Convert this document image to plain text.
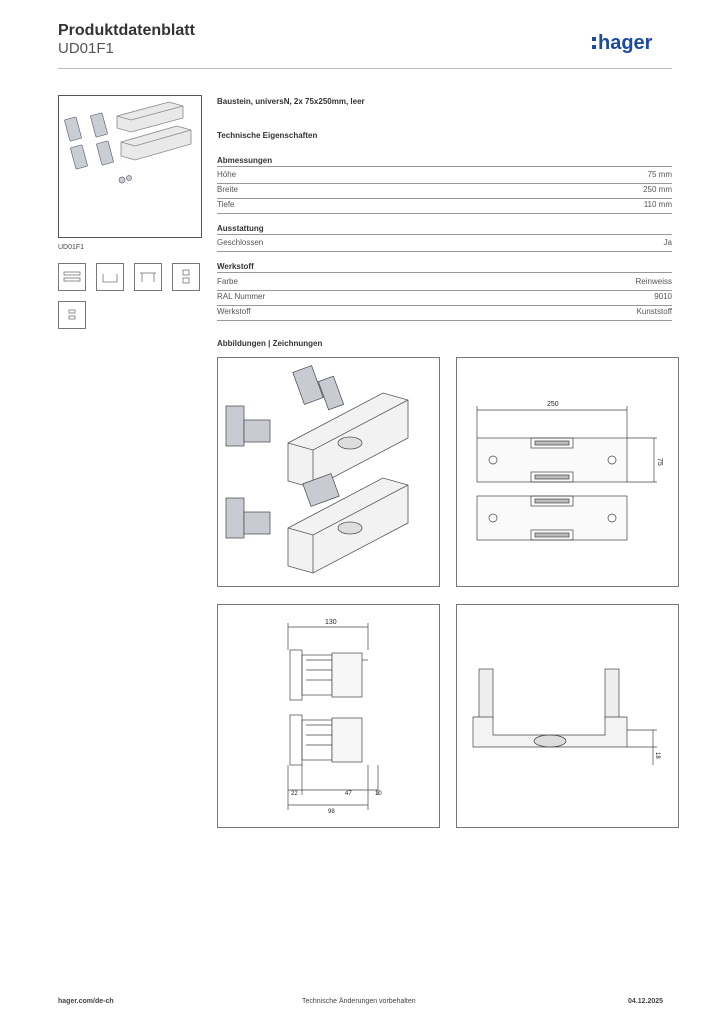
Produktdatenblatt
UD01F1	hager
UD01F1
Baustein, universN, 2x 75x250mm, leer
Technische Eigenschaften
Abmessungen
Höhe	75 mm
Breite	250 mm
Tiefe	110 mm
Ausstattung
Geschlossen	Ja
Werkstoff
Farbe	Reinweiss
RAL Nummer	9010
Werkstoff	Kunststoff
Abbildungen | Zeichnungen
250
75
130
22	47	10
98
18
hager.com/de-ch	Technische Änderungen vorbehalten	04.12.2025
